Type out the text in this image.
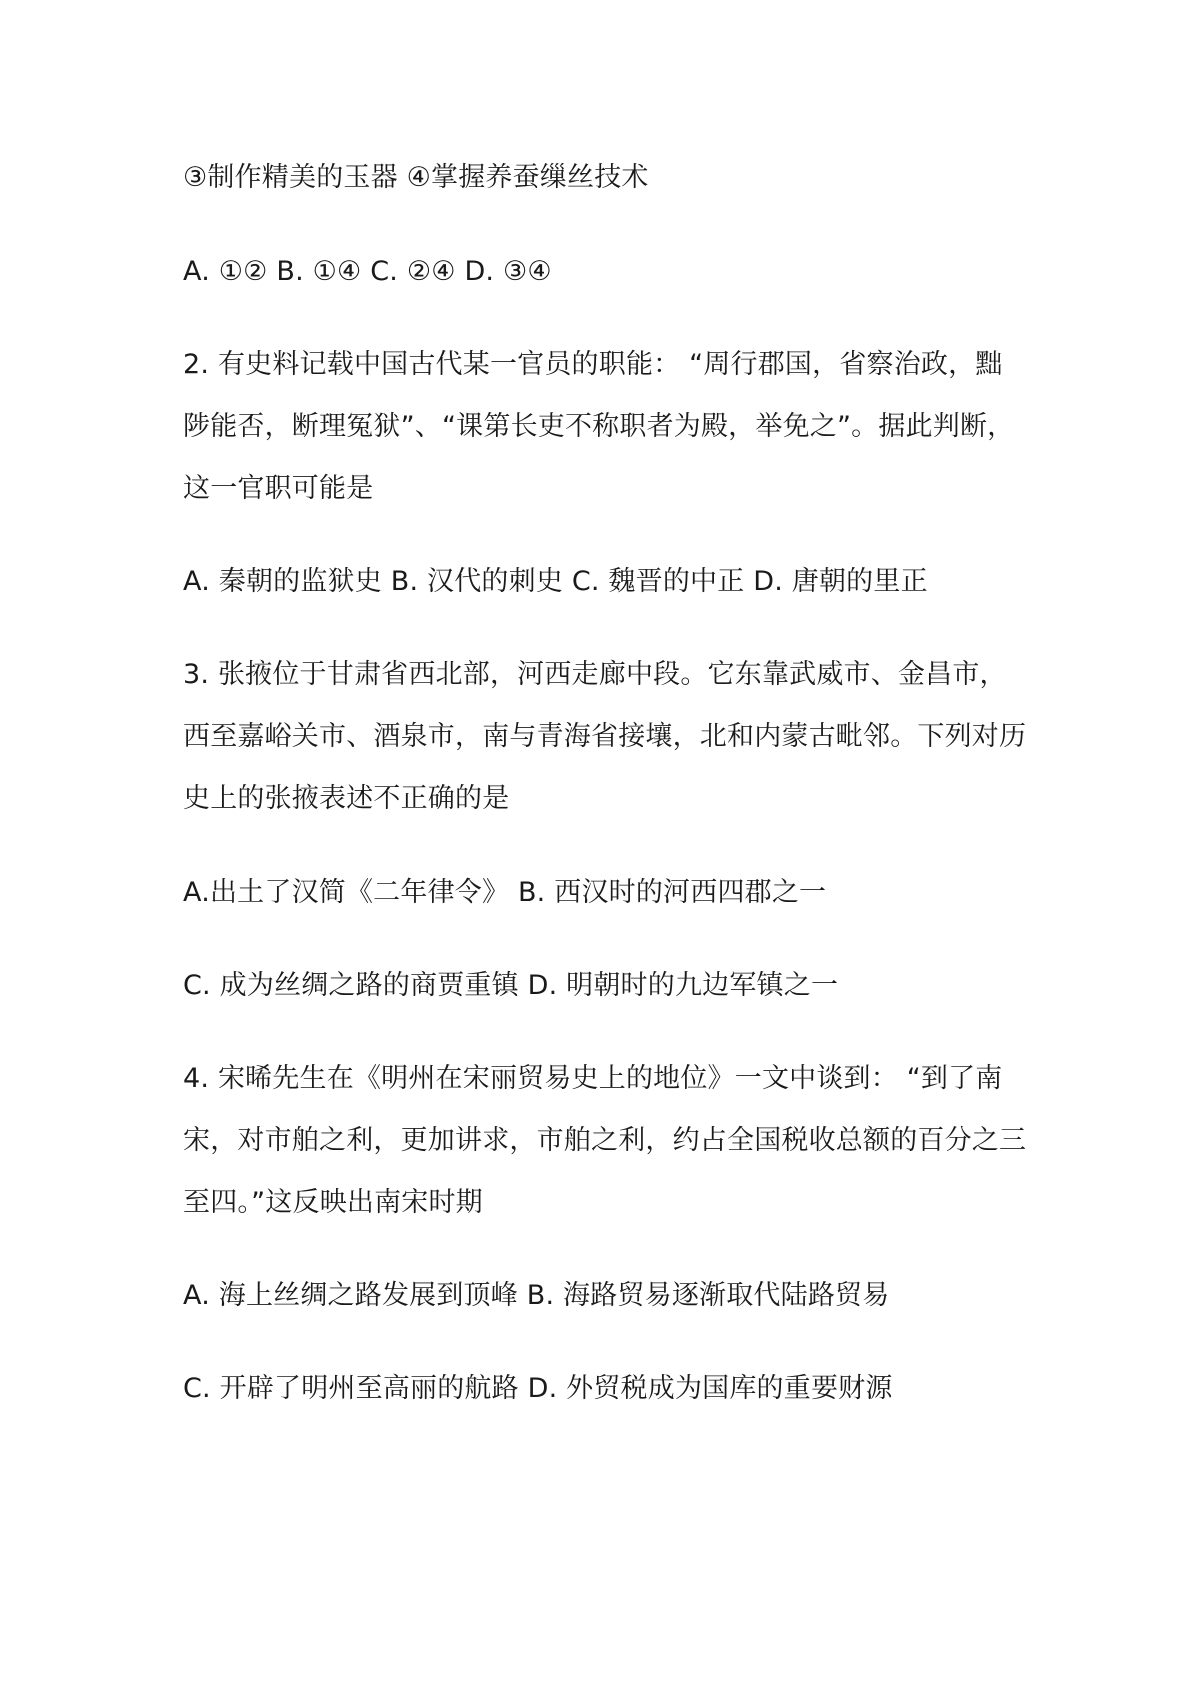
③制作精美的玉器 ④掌握养蚕缫丝技术
A. ①② B. ①④ C. ②④ D. ③④
2. 有史料记载中国古代某一官员的职能： “周行郡国，省察治政，黜
陟能否，断理冤狱”、“课第长吏不称职者为殿，举免之”。据此判断，
这一官职可能是
A. 秦朝的监狱史 B. 汉代的刺史 C. 魏晋的中正 D. 唐朝的里正
3. 张掖位于甘肃省西北部，河西走廊中段。它东靠武威市、金昌市，
西至嘉峪关市、酒泉市，南与青海省接壤，北和内蒙古毗邻。下列对历
史上的张掖表述不正确的是
A.出土了汉简《二年律令》 B. 西汉时的河西四郡之一
C. 成为丝绸之路的商贾重镇 D. 明朝时的九边军镇之一
4. 宋晞先生在《明州在宋丽贸易史上的地位》一文中谈到： “到了南
宋，对市舶之利，更加讲求，市舶之利，约占全国税收总额的百分之三
至四。”这反映出南宋时期
A. 海上丝绸之路发展到顶峰 B. 海路贸易逐渐取代陆路贸易
C. 开辟了明州至高丽的航路 D. 外贸税成为国库的重要财源
